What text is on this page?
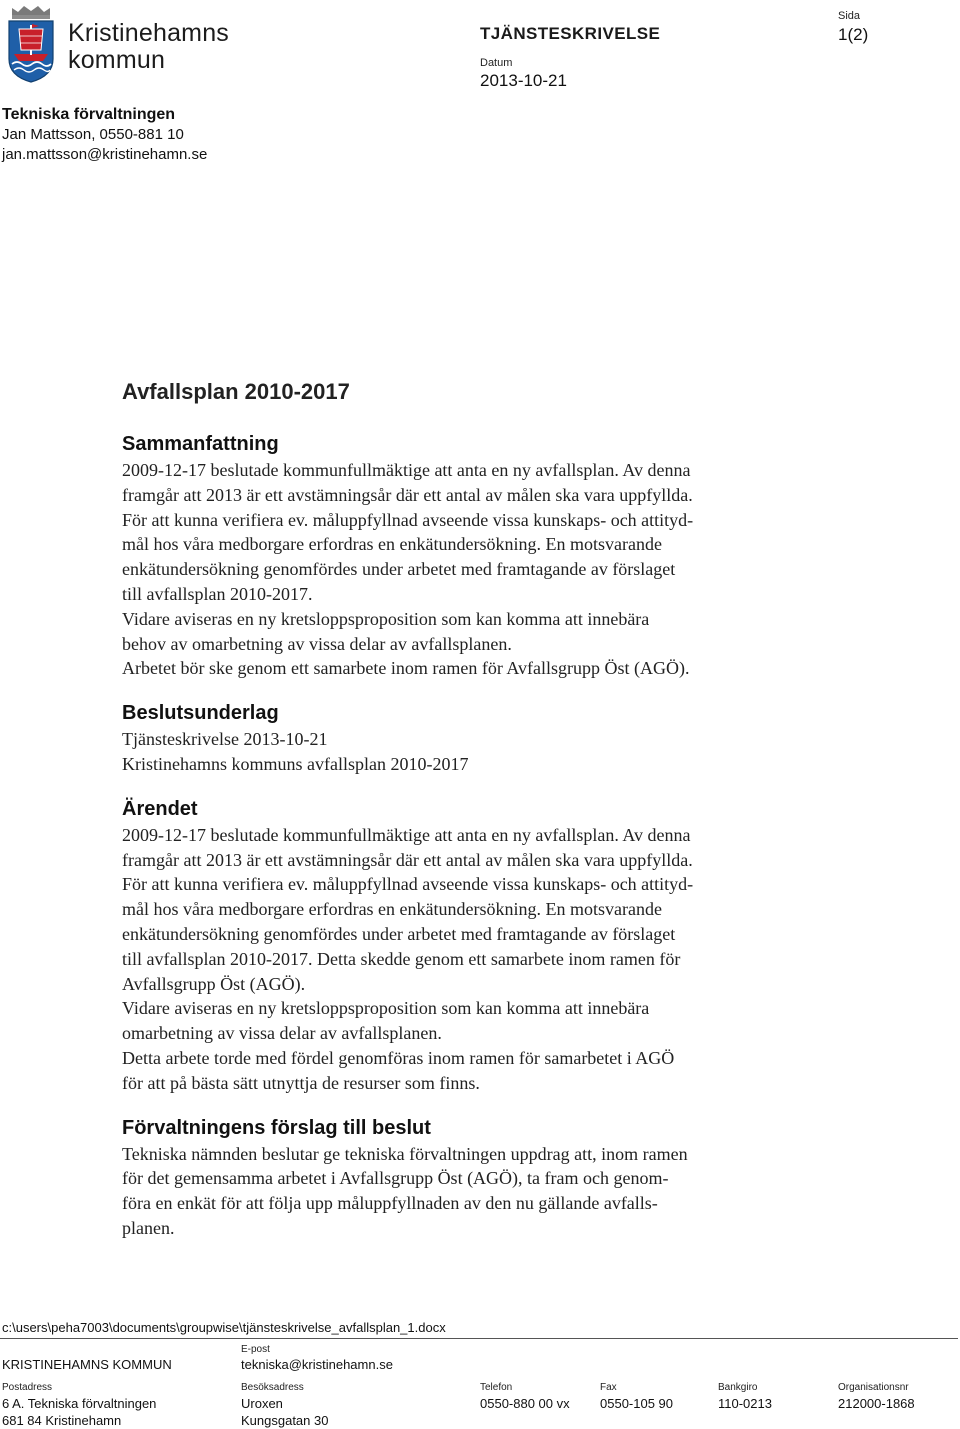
Kristinehamns
kommun
TJÄNSTESKRIVELSE
Datum
2013-10-21
Sida
1(2)
Tekniska förvaltningen
Jan Mattsson, 0550-881 10
jan.mattsson@kristinehamn.se
Avfallsplan 2010-2017
Sammanfattning

2009-12-17 beslutade kommunfullmäktige att anta en ny avfallsplan. Av denna

framgår att 2013 är ett avstämningsår där ett antal av målen ska vara uppfyllda.

För att kunna verifiera ev. måluppfyllnad avseende vissa kunskaps- och attityd-

mål hos våra medborgare erfordras en enkätundersökning. En motsvarande

enkätundersökning genomfördes under arbetet med framtagande av förslaget

till avfallsplan 2010-2017.

Vidare aviseras en ny kretsloppsproposition som kan komma att innebära

behov av omarbetning av vissa delar av avfallsplanen.

Arbetet bör ske genom ett samarbete inom ramen för Avfallsgrupp Öst (AGÖ).

Beslutsunderlag

Tjänsteskrivelse 2013-10-21

Kristinehamns kommuns avfallsplan 2010-2017

Ärendet

2009-12-17 beslutade kommunfullmäktige att anta en ny avfallsplan. Av denna

framgår att 2013 är ett avstämningsår där ett antal av målen ska vara uppfyllda.

För att kunna verifiera ev. måluppfyllnad avseende vissa kunskaps- och attityd-

mål hos våra medborgare erfordras en enkätundersökning. En motsvarande

enkätundersökning genomfördes under arbetet med framtagande av förslaget

till avfallsplan 2010-2017. Detta skedde genom ett samarbete inom ramen för

Avfallsgrupp Öst (AGÖ).

Vidare aviseras en ny kretsloppsproposition som kan komma att innebära

omarbetning av vissa delar av avfallsplanen.

Detta arbete torde med fördel genomföras inom ramen för samarbetet i AGÖ

för att på bästa sätt utnyttja de resurser som finns.

Förvaltningens förslag till beslut

Tekniska nämnden beslutar ge tekniska förvaltningen uppdrag att, inom ramen

för det gemensamma arbetet i Avfallsgrupp Öst (AGÖ), ta fram och genom-

föra en enkät för att följa upp måluppfyllnaden av den nu gällande avfalls-

planen.

c:\users\peha7003\documents\groupwise\tjänsteskrivelse_avfallsplan_1.docx
KRISTINEHAMNS KOMMUN
E-post
tekniska@kristinehamn.se
Postadress
6 A. Tekniska förvaltningen
681 84 Kristinehamn
Besöksadress
Uroxen
Kungsgatan 30
Telefon
0550-880 00 vx
Fax
0550-105 90
Bankgiro
110-0213
Organisationsnr
212000-1868
